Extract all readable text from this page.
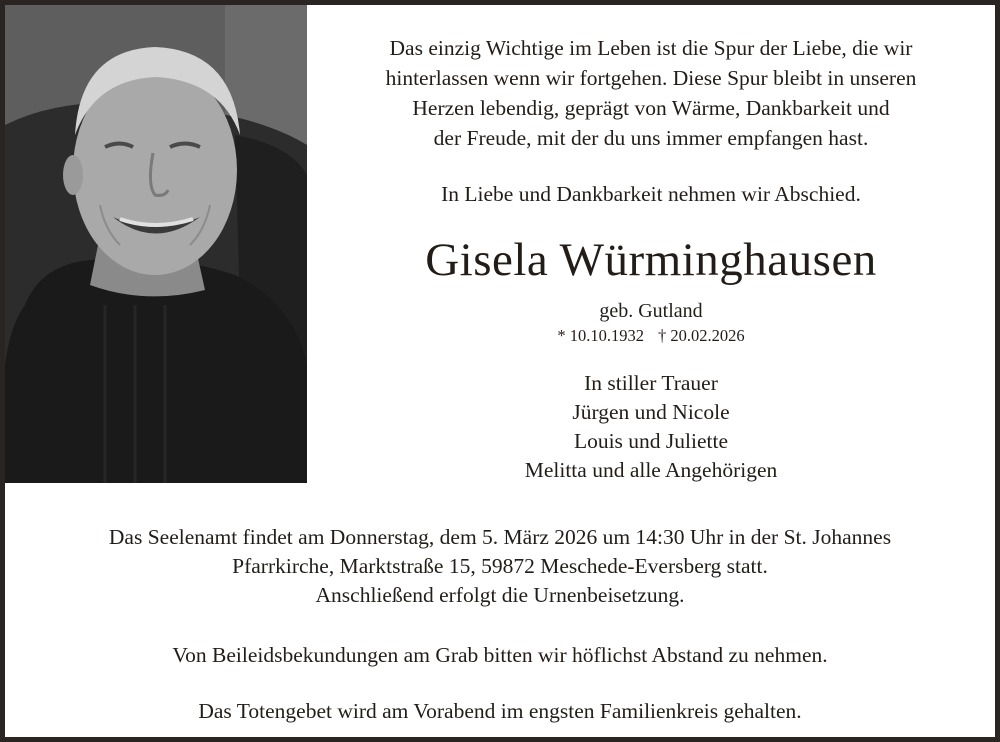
Das einzig Wichtige im Leben ist die Spur der Liebe, die wir
hinterlassen wenn wir fortgehen. Diese Spur bleibt in unseren
Herzen lebendig, geprägt von Wärme, Dankbarkeit und
der Freude, mit der du uns immer empfangen hast.
In Liebe und Dankbarkeit nehmen wir Abschied.
Gisela Würminghausen
geb. Gutland
* 10.10.1932 † 20.02.2026
In stiller Trauer
Jürgen und Nicole
Louis und Juliette
Melitta und alle Angehörigen
Das Seelenamt findet am Donnerstag, dem 5. März 2026 um 14:30 Uhr in der St. Johannes
Pfarrkirche, Marktstraße 15, 59872 Meschede-Eversberg statt.
Anschließend erfolgt die Urnenbeisetzung.
Von Beileidsbekundungen am Grab bitten wir höflichst Abstand zu nehmen.
Das Totengebet wird am Vorabend im engsten Familienkreis gehalten.
